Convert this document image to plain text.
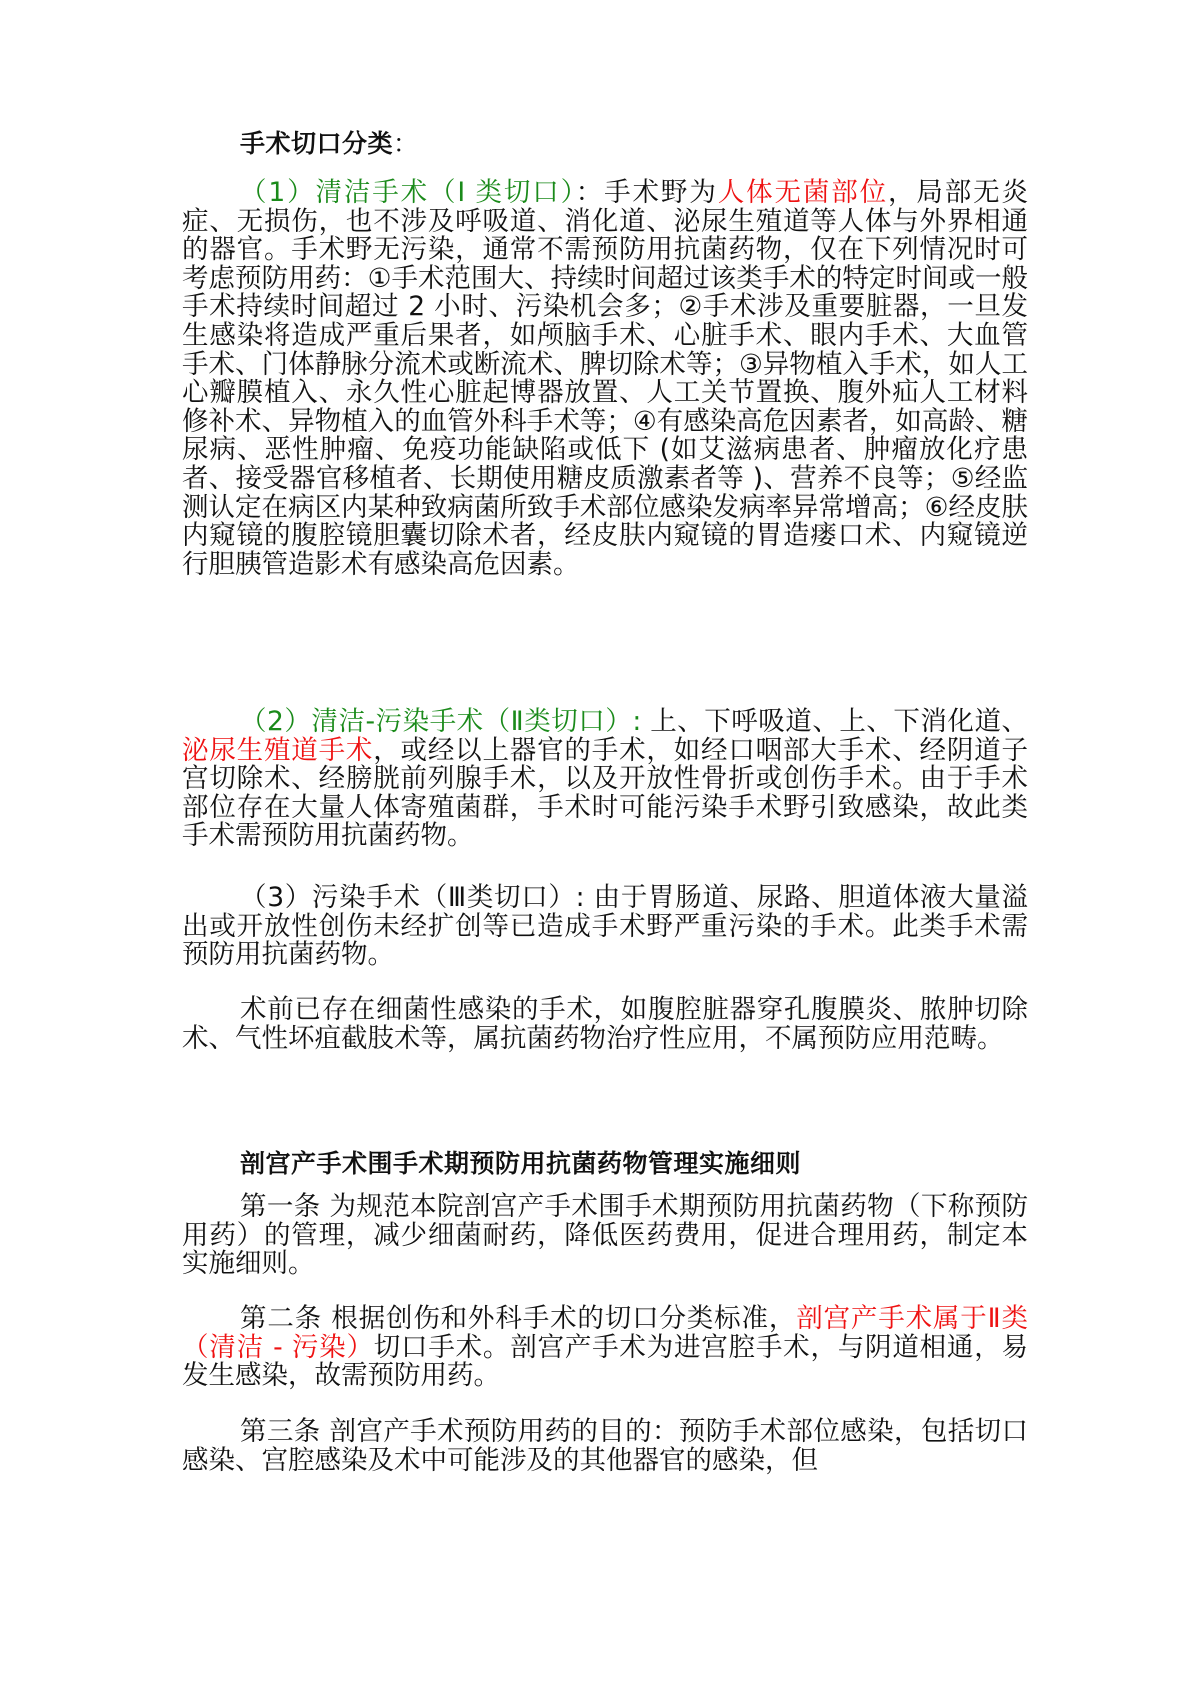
手术切口分类：

（1）清洁手术（I 类切口）：手术野为人体无菌部位，局部无炎症、无损伤，也不涉及呼吸道、消化道、泌尿生殖道等人体与外界相通的器官。手术野无污染，通常不需预防用抗菌药物，仅在下列情况时可考虑预防用药：①手术范围大、持续时间超过该类手术的特定时间或一般手术持续时间超过 2 小时、污染机会多；②手术涉及重要脏器，一旦发生感染将造成严重后果者，如颅脑手术、心脏手术、眼内手术、大血管手术、门体静脉分流术或断流术、脾切除术等；③异物植入手术，如人工心瓣膜植入、永久性心脏起博器放置、人工关节置换、腹外疝人工材料修补术、异物植入的血管外科手术等；④有感染高危因素者，如高龄、糖尿病、恶性肿瘤、免疫功能缺陷或低下 (如艾滋病患者、肿瘤放化疗患者、接受器官移植者、长期使用糖皮质激素者等 )、营养不良等；⑤经监测认定在病区内某种致病菌所致手术部位感染发病率异常增高；⑥经皮肤内窥镜的腹腔镜胆囊切除术者，经皮肤内窥镜的胃造瘘口术、内窥镜逆行胆胰管造影术有感染高危因素。

（2）清洁-污染手术（Ⅱ类切口）: 上、下呼吸道、上、下消化道、泌尿生殖道手术，或经以上器官的手术，如经口咽部大手术、经阴道子宫切除术、经膀胱前列腺手术，以及开放性骨折或创伤手术。由于手术部位存在大量人体寄殖菌群，手术时可能污染手术野引致感染，故此类手术需预防用抗菌药物。

（3）污染手术（Ⅲ类切口）: 由于胃肠道、尿路、胆道体液大量溢出或开放性创伤未经扩创等已造成手术野严重污染的手术。此类手术需预防用抗菌药物。

术前已存在细菌性感染的手术，如腹腔脏器穿孔腹膜炎、脓肿切除术、气性坏疽截肢术等，属抗菌药物治疗性应用，不属预防应用范畴。

剖宫产手术围手术期预防用抗菌药物管理实施细则

第一条 为规范本院剖宫产手术围手术期预防用抗菌药物（下称预防用药）的管理，减少细菌耐药，降低医药费用，促进合理用药，制定本实施细则。

第二条 根据创伤和外科手术的切口分类标准，剖宫产手术属于Ⅱ类（清洁 - 污染）切口手术。剖宫产手术为进宫腔手术，与阴道相通，易发生感染，故需预防用药。

第三条 剖宫产手术预防用药的目的：预防手术部位感染，包括切口感染、宫腔感染及术中可能涉及的其他器官的感染，但
